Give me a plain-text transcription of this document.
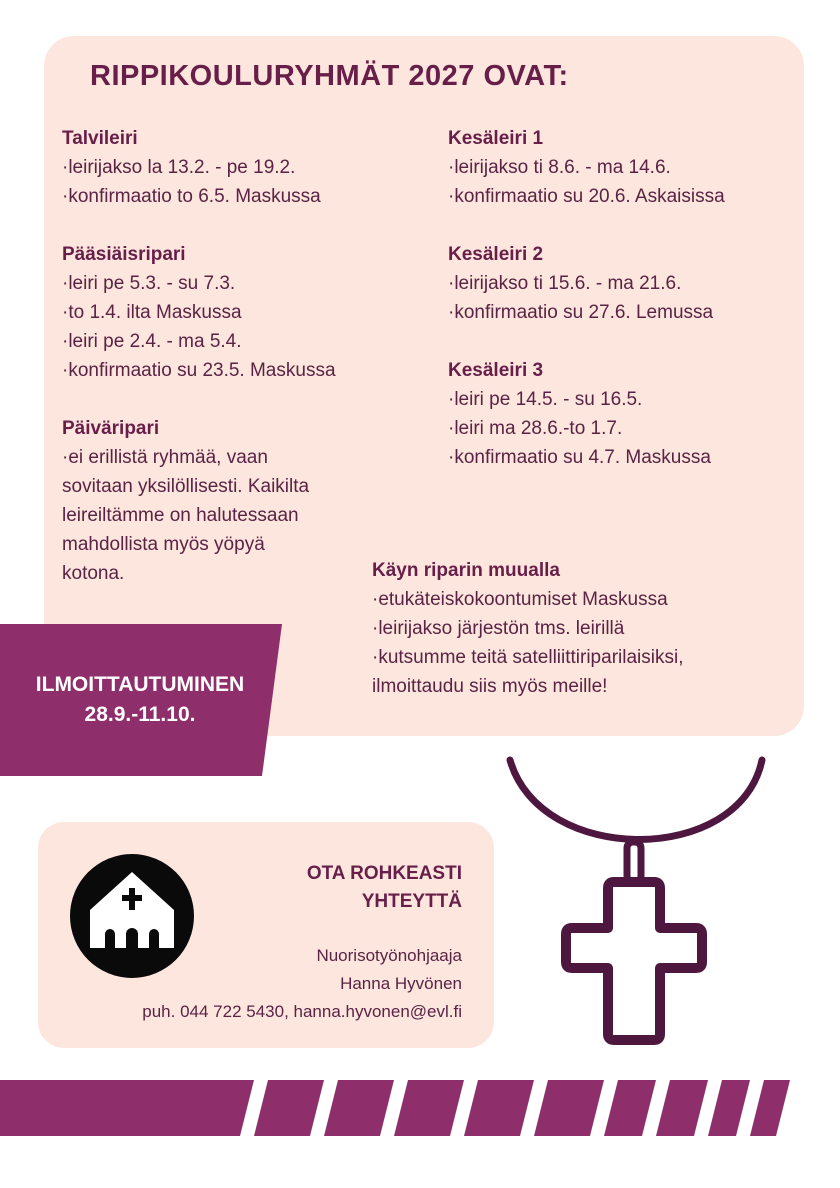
RIPPIKOULURYHMÄT 2027 OVAT:

Talvileiri

·leirijakso la 13.2. - pe 19.2.

·konfirmaatio to 6.5. Maskussa

Pääsiäisripari

·leiri pe 5.3. - su 7.3.

·to 1.4. ilta Maskussa

·leiri pe 2.4. - ma 5.4.

·konfirmaatio su 23.5. Maskussa

Päiväripari

·ei erillistä ryhmää, vaan

sovitaan yksilöllisesti. Kaikilta

leireiltämme on halutessaan

mahdollista myös yöpyä

kotona.

Kesäleiri 1

·leirijakso ti 8.6. - ma 14.6.

·konfirmaatio su 20.6. Askaisissa

Kesäleiri 2

·leirijakso ti 15.6. - ma 21.6.

·konfirmaatio su 27.6. Lemussa

Kesäleiri 3

·leiri pe 14.5. - su 16.5.

·leiri ma 28.6.-to 1.7.

·konfirmaatio su 4.7. Maskussa

Käyn riparin muualla

·etukäteiskokoontumiset Maskussa

·leirijakso järjestön tms. leirillä

·kutsumme teitä satelliittiriparilaisiksi,

ilmoittaudu siis myös meille!

ILMOITTAUTUMINEN
28.9.-11.10.
OTA ROHKEASTI
YHTEYTTÄ
Nuorisotyönohjaaja
Hanna Hyvönen
puh. 044 722 5430, hanna.hyvonen@evl.fi
